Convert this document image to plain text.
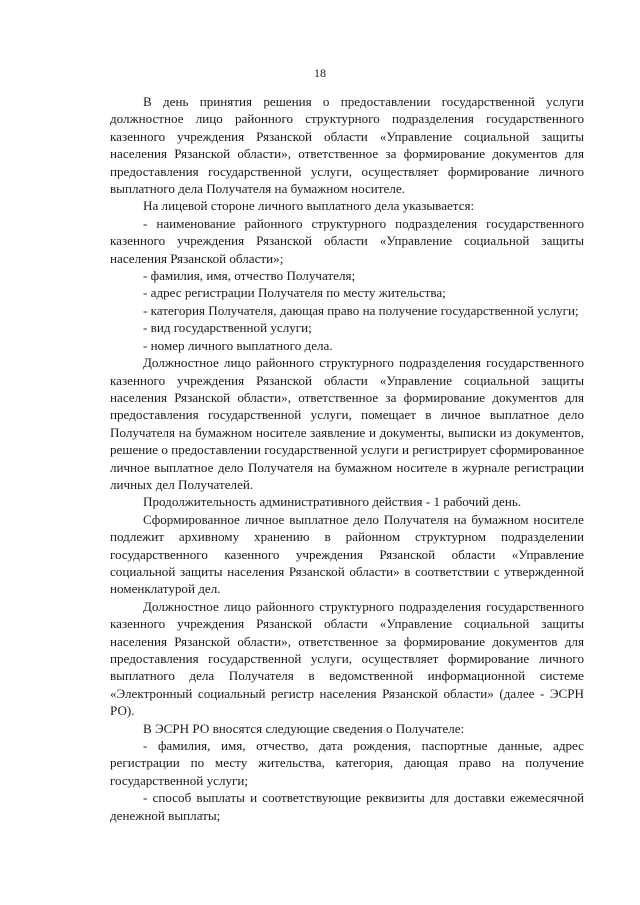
18

В день принятия решения о предоставлении государственной услуги должностное лицо районного структурного подразделения государственного казенного учреждения Рязанской области «Управление социальной защиты населения Рязанской области», ответственное за формирование документов для предоставления государственной услуги, осуществляет формирование личного выплатного дела Получателя на бумажном носителе.

На лицевой стороне личного выплатного дела указывается:

- наименование районного структурного подразделения государственного казенного учреждения Рязанской области «Управление социальной защиты населения Рязанской области»;

- фамилия, имя, отчество Получателя;

- адрес регистрации Получателя по месту жительства;

- категория Получателя, дающая право на получение государственной услуги;

- вид государственной услуги;

- номер личного выплатного дела.

Должностное лицо районного структурного подразделения государственного казенного учреждения Рязанской области «Управление социальной защиты населения Рязанской области», ответственное за формирование документов для предоставления государственной услуги, помещает в личное выплатное дело Получателя на бумажном носителе заявление и документы, выписки из документов, решение о предоставлении государственной услуги и регистрирует сформированное личное выплатное дело Получателя на бумажном носителе в журнале регистрации личных дел Получателей.

Продолжительность административного действия - 1 рабочий день.

Сформированное личное выплатное дело Получателя на бумажном носителе подлежит архивному хранению в районном структурном подразделении государственного казенного учреждения Рязанской области «Управление социальной защиты населения Рязанской области» в соответствии с утвержденной номенклатурой дел.

Должностное лицо районного структурного подразделения государственного казенного учреждения Рязанской области «Управление социальной защиты населения Рязанской области», ответственное за формирование документов для предоставления государственной услуги, осуществляет формирование личного выплатного дела Получателя в ведомственной информационной системе «Электронный социальный регистр населения Рязанской области» (далее - ЭСРН РО).

В ЭСРН РО вносятся следующие сведения о Получателе:

- фамилия, имя, отчество, дата рождения, паспортные данные, адрес регистрации по месту жительства, категория, дающая право на получение государственной услуги;

- способ выплаты и соответствующие реквизиты для доставки ежемесячной денежной выплаты;
